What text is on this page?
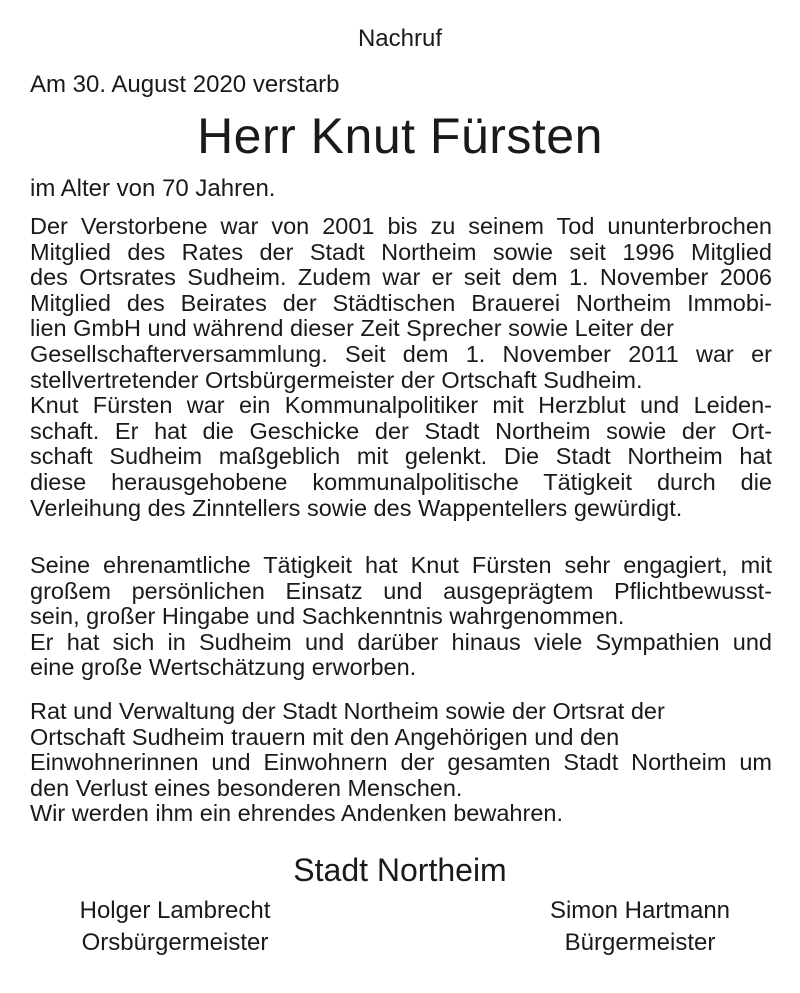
Nachruf
Am 30. August 2020 verstarb
Herr Knut Fürsten
im Alter von 70 Jahren.
Der Verstorbene war von 2001 bis zu seinem Tod ununterbrochen
Mitglied des Rates der Stadt Northeim sowie seit 1996 Mitglied
des Ortsrates Sudheim. Zudem war er seit dem 1. November 2006
Mitglied des Beirates der Städtischen Brauerei Northeim Immobi-
lien GmbH und während dieser Zeit Sprecher sowie Leiter der
Gesellschafterversammlung. Seit dem 1. November 2011 war er
stellvertretender Ortsbürgermeister der Ortschaft Sudheim.
Knut Fürsten war ein Kommunalpolitiker mit Herzblut und Leiden-
schaft. Er hat die Geschicke der Stadt Northeim sowie der Ort-
schaft Sudheim maßgeblich mit gelenkt. Die Stadt Northeim hat
diese herausgehobene kommunalpolitische Tätigkeit durch die
Verleihung des Zinntellers sowie des Wappentellers gewürdigt.
Seine ehrenamtliche Tätigkeit hat Knut Fürsten sehr engagiert, mit
großem persönlichen Einsatz und ausgeprägtem Pflichtbewusst-
sein, großer Hingabe und Sachkenntnis wahrgenommen.
Er hat sich in Sudheim und darüber hinaus viele Sympathien und
eine große Wertschätzung erworben.
Rat und Verwaltung der Stadt Northeim sowie der Ortsrat der
Ortschaft Sudheim trauern mit den Angehörigen und den
Einwohnerinnen und Einwohnern der gesamten Stadt Northeim um
den Verlust eines besonderen Menschen.
Wir werden ihm ein ehrendes Andenken bewahren.
Stadt Northeim
Holger Lambrecht
Orsbürgermeister
Simon Hartmann
Bürgermeister
